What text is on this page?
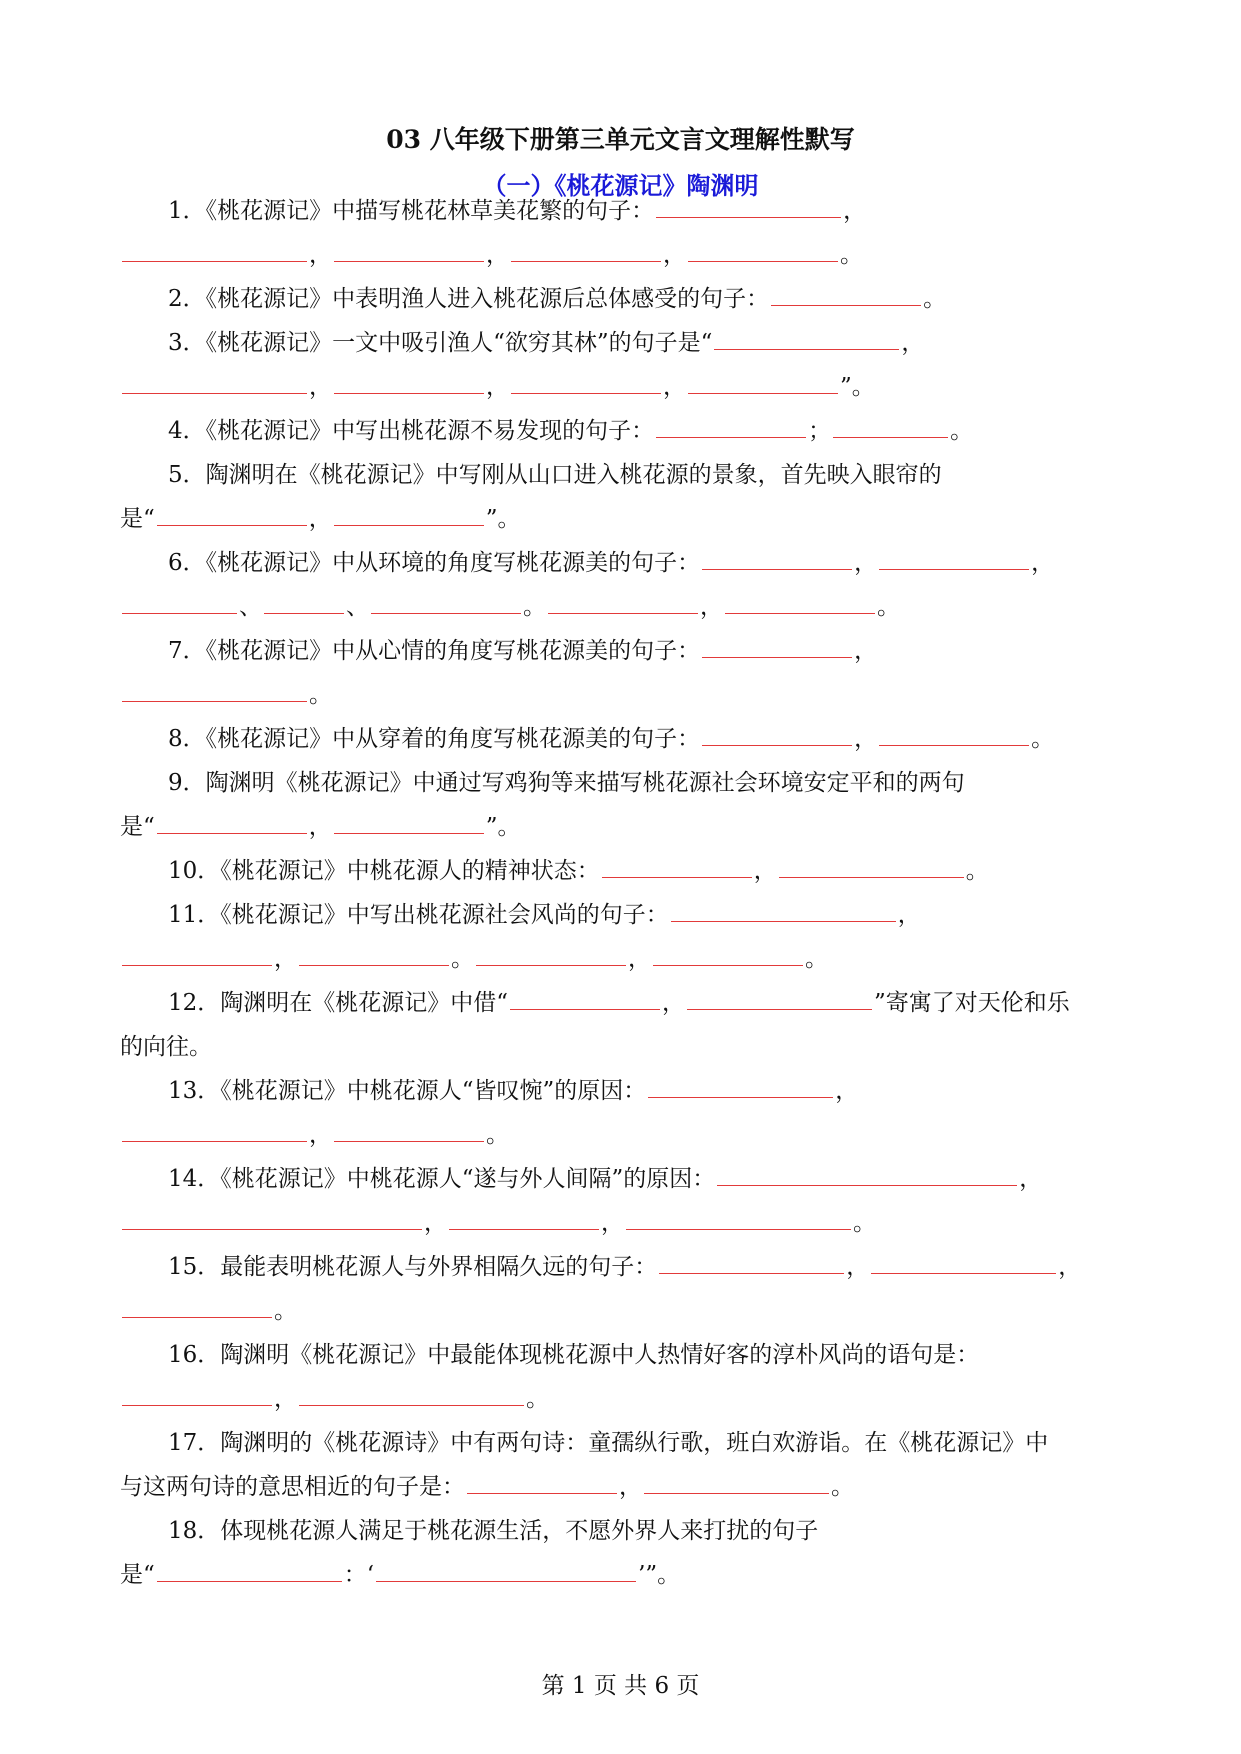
03 八年级下册第三单元文言文理解性默写
（一）《桃花源记》陶渊明
1．《桃花源记》中描写桃花林草美花繁的句子：	，
，	，	，	。
2．《桃花源记》中表明渔人进入桃花源后总体感受的句子：	。
3．《桃花源记》一文中吸引渔人“欲穷其林”的句子是“	，
，	，	，	”。
4．《桃花源记》中写出桃花源不易发现的句子：	；	。
5．陶渊明在《桃花源记》中写刚从山口进入桃花源的景象，首先映入眼帘的
是“	，	”。
6．《桃花源记》中从环境的角度写桃花源美的句子：	，	，
、	、	。	，	。
7．《桃花源记》中从心情的角度写桃花源美的句子：	，
。
8．《桃花源记》中从穿着的角度写桃花源美的句子：	，	。
9．陶渊明《桃花源记》中通过写鸡狗等来描写桃花源社会环境安定平和的两句
是“	，	”。
10．《桃花源记》中桃花源人的精神状态：	，	。
11．《桃花源记》中写出桃花源社会风尚的句子：	，
，	。	，	。
12．陶渊明在《桃花源记》中借“	，	”寄寓了对天伦和乐
的向往。
13．《桃花源记》中桃花源人“皆叹惋”的原因：	，
，	。
14．《桃花源记》中桃花源人“遂与外人间隔”的原因：	，
，	，	。
15．最能表明桃花源人与外界相隔久远的句子：	，	，
。
16．陶渊明《桃花源记》中最能体现桃花源中人热情好客的淳朴风尚的语句是：
，	。
17．陶渊明的《桃花源诗》中有两句诗：童孺纵行歌，班白欢游诣。在《桃花源记》中
与这两句诗的意思相近的句子是：	，	。
18．体现桃花源人满足于桃花源生活，不愿外界人来打扰的句子
是“	：‘	’”。
第 1 页 共 6 页
